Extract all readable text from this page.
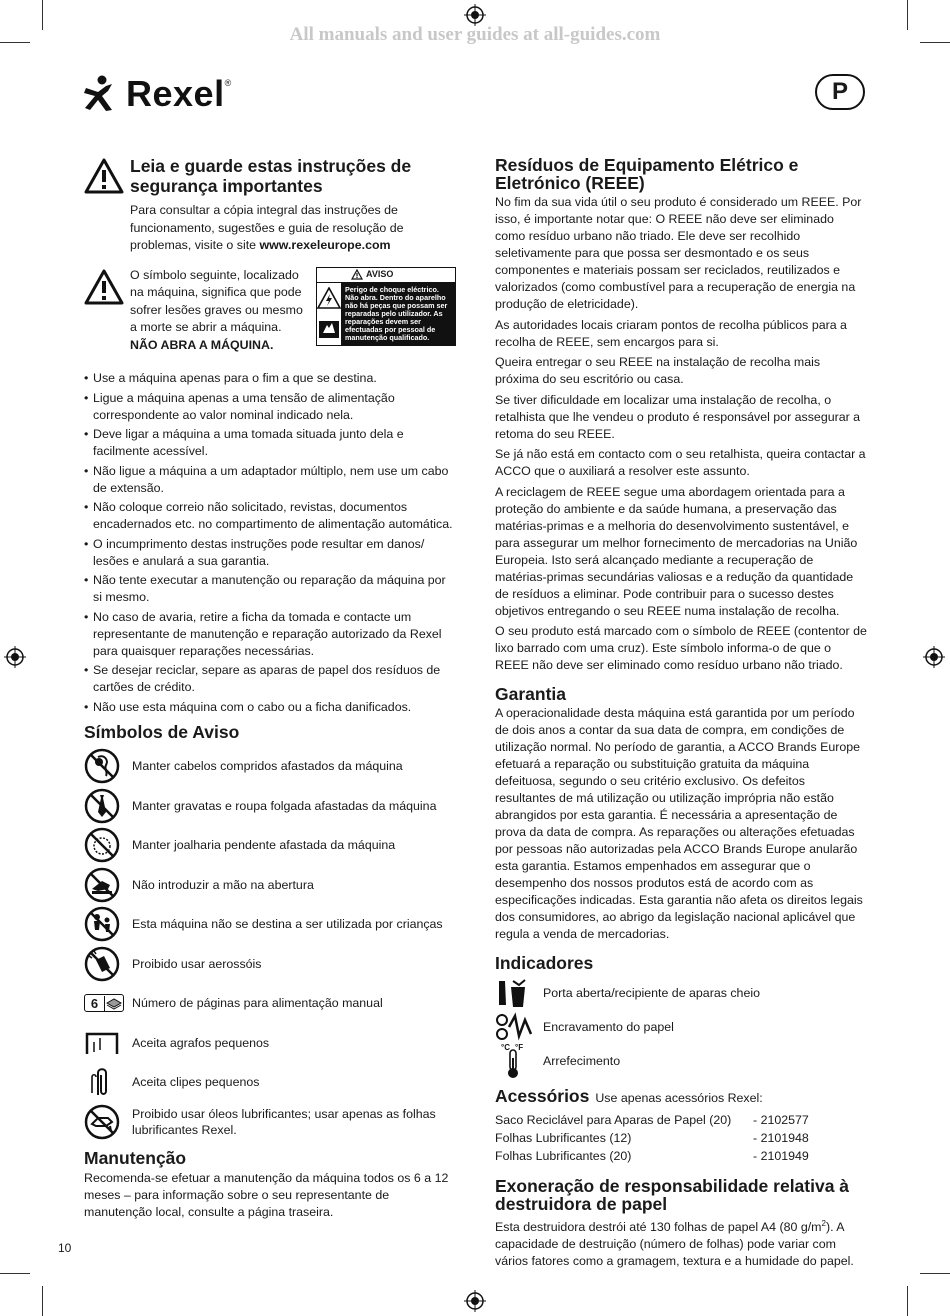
All manuals and user guides at all-guides.com
Rexel ®	P
Leia e guarde estas instruções de segurança importantes
Para consultar a cópia integral das instruções de funcionamento, sugestões e guia de resolução de problemas, visite o site www.rexeleurope.com
O símbolo seguinte, localizado na máquina, significa que pode sofrer lesões graves ou mesmo a morte se abrir a máquina.
NÃO ABRA A MÁQUINA.
AVISO
Perigo de choque eléctrico. Não abra. Dentro do aparelho não há peças que possam ser reparadas pelo utilizador. As reparações devem ser efectuadas por pessoal de manutenção qualificado.
• Use a máquina apenas para o fim a que se destina.
• Ligue a máquina apenas a uma tensão de alimentação correspondente ao valor nominal indicado nela.
• Deve ligar a máquina a uma tomada situada junto dela e facilmente acessível.
• Não ligue a máquina a um adaptador múltiplo, nem use um cabo de extensão.
• Não coloque correio não solicitado, revistas, documentos encadernados etc. no compartimento de alimentação automática.
• O incumprimento destas instruções pode resultar em danos/ lesões e anulará a sua garantia.
• Não tente executar a manutenção ou reparação da máquina por si mesmo.
• No caso de avaria, retire a ficha da tomada e contacte um representante de manutenção e reparação autorizado da Rexel para quaisquer reparações necessárias.
• Se desejar reciclar, separe as aparas de papel dos resíduos de cartões de crédito.
• Não use esta máquina com o cabo ou a ficha danificados.
Símbolos de Aviso
Manter cabelos compridos afastados da máquina
Manter gravatas e roupa folgada afastadas da máquina
Manter joalharia pendente afastada da máquina
Não introduzir a mão na abertura
Esta máquina não se destina a ser utilizada por crianças
Proibido usar aerossóis
6	Número de páginas para alimentação manual
Aceita agrafos pequenos
Aceita clipes pequenos
Proibido usar óleos lubrificantes; usar apenas as folhas lubrificantes Rexel.
Manutenção
Recomenda-se efetuar a manutenção da máquina todos os 6 a 12 meses – para informação sobre o seu representante de manutenção local, consulte a página traseira.
Resíduos de Equipamento Elétrico e Eletrónico (REEE)
No fim da sua vida útil o seu produto é considerado um REEE. Por isso, é importante notar que: O REEE não deve ser eliminado como resíduo urbano não triado. Ele deve ser recolhido seletivamente para que possa ser desmontado e os seus componentes e materiais possam ser reciclados, reutilizados e valorizados (como combustível para a recuperação de energia na produção de eletricidade).
As autoridades locais criaram pontos de recolha públicos para a recolha de REEE, sem encargos para si.
Queira entregar o seu REEE na instalação de recolha mais próxima do seu escritório ou casa.
Se tiver dificuldade em localizar uma instalação de recolha, o retalhista que lhe vendeu o produto é responsável por assegurar a retoma do seu REEE.
Se já não está em contacto com o seu retalhista, queira contactar a ACCO que o auxiliará a resolver este assunto.
A reciclagem de REEE segue uma abordagem orientada para a proteção do ambiente e da saúde humana, a preservação das matérias-primas e a melhoria do desenvolvimento sustentável, e para assegurar um melhor fornecimento de mercadorias na União Europeia. Isto será alcançado mediante a recuperação de matérias-primas secundárias valiosas e a redução da quantidade de resíduos a eliminar. Pode contribuir para o sucesso destes objetivos entregando o seu REEE numa instalação de recolha.
O seu produto está marcado com o símbolo de REEE (contentor de lixo barrado com uma cruz). Este símbolo informa-o de que o REEE não deve ser eliminado como resíduo urbano não triado.
Garantia
A operacionalidade desta máquina está garantida por um período de dois anos a contar da sua data de compra, em condições de utilização normal. No período de garantia, a ACCO Brands Europe efetuará a reparação ou substituição gratuita da máquina defeituosa, segundo o seu critério exclusivo. Os defeitos resultantes de má utilização ou utilização imprópria não estão abrangidos por esta garantia. É necessária a apresentação de prova da data de compra. As reparações ou alterações efetuadas por pessoas não autorizadas pela ACCO Brands Europe anularão esta garantia. Estamos empenhados em assegurar que o desempenho dos nossos produtos está de acordo com as especificações indicadas. Esta garantia não afeta os direitos legais dos consumidores, ao abrigo da legislação nacional aplicável que regula a venda de mercadorias.
Indicadores
Porta aberta/recipiente de aparas cheio
Encravamento do papel
°C °F
Arrefecimento
Acessórios Use apenas acessórios Rexel:
Saco Reciclável para Aparas de Papel (20)	- 2102577
Folhas Lubrificantes (12)	- 2101948
Folhas Lubrificantes (20)	- 2101949
Exoneração de responsabilidade relativa à destruidora de papel
Esta destruidora destrói até 130 folhas de papel A4 (80 $g/m^2$). A capacidade de destruição (número de folhas) pode variar com vários fatores como a gramagem, textura e a humidade do papel.
10
